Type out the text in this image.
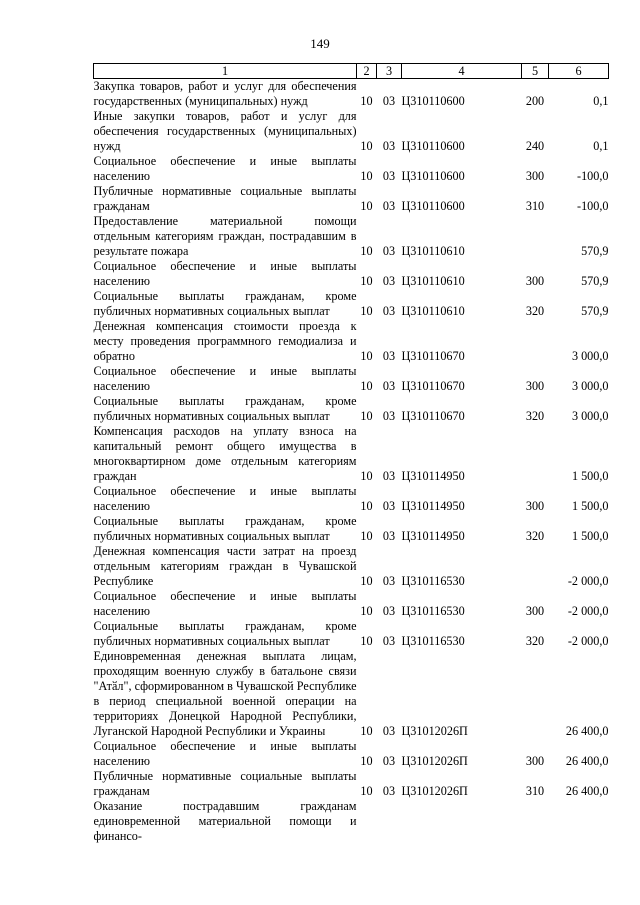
149
1	2	3	4	5	6
Закупка товаров, работ и услуг для обеспечения государственных (муниципальных) нужд	10	03	Ц310110600	200	0,1
Иные закупки товаров, работ и услуг для обеспечения государственных (муниципальных) нужд	10	03	Ц310110600	240	0,1
Социальное обеспечение и иные выплаты населению	10	03	Ц310110600	300	-100,0
Публичные нормативные социальные выплаты гражданам	10	03	Ц310110600	310	-100,0
Предоставление материальной помощи отдельным категориям граждан, пострадавшим в результате пожара	10	03	Ц310110610		570,9
Социальное обеспечение и иные выплаты населению	10	03	Ц310110610	300	570,9
Социальные выплаты гражданам, кроме публичных нормативных социальных выплат	10	03	Ц310110610	320	570,9
Денежная компенсация стоимости проезда к месту проведения программного гемодиализа и обратно	10	03	Ц310110670		3 000,0
Социальное обеспечение и иные выплаты населению	10	03	Ц310110670	300	3 000,0
Социальные выплаты гражданам, кроме публичных нормативных социальных выплат	10	03	Ц310110670	320	3 000,0
Компенсация расходов на уплату взноса на капитальный ремонт общего имущества в многоквартирном доме отдельным категориям граждан	10	03	Ц310114950		1 500,0
Социальное обеспечение и иные выплаты населению	10	03	Ц310114950	300	1 500,0
Социальные выплаты гражданам, кроме публичных нормативных социальных выплат	10	03	Ц310114950	320	1 500,0
Денежная компенсация части затрат на проезд отдельным категориям граждан в Чувашской Республике	10	03	Ц310116530		-2 000,0
Социальное обеспечение и иные выплаты населению	10	03	Ц310116530	300	-2 000,0
Социальные выплаты гражданам, кроме публичных нормативных социальных выплат	10	03	Ц310116530	320	-2 000,0
Единовременная денежная выплата лицам, проходящим военную службу в батальоне связи "Атӑл", сформированном в Чувашской Республике в период специальной военной операции на территориях Донецкой Народной Республики, Луганской Народной Республики и Украины	10	03	Ц31012026П		26 400,0
Социальное обеспечение и иные выплаты населению	10	03	Ц31012026П	300	26 400,0
Публичные нормативные социальные выплаты гражданам	10	03	Ц31012026П	310	26 400,0
Оказание пострадавшим гражданам единовременной материальной помощи и финансо-					
